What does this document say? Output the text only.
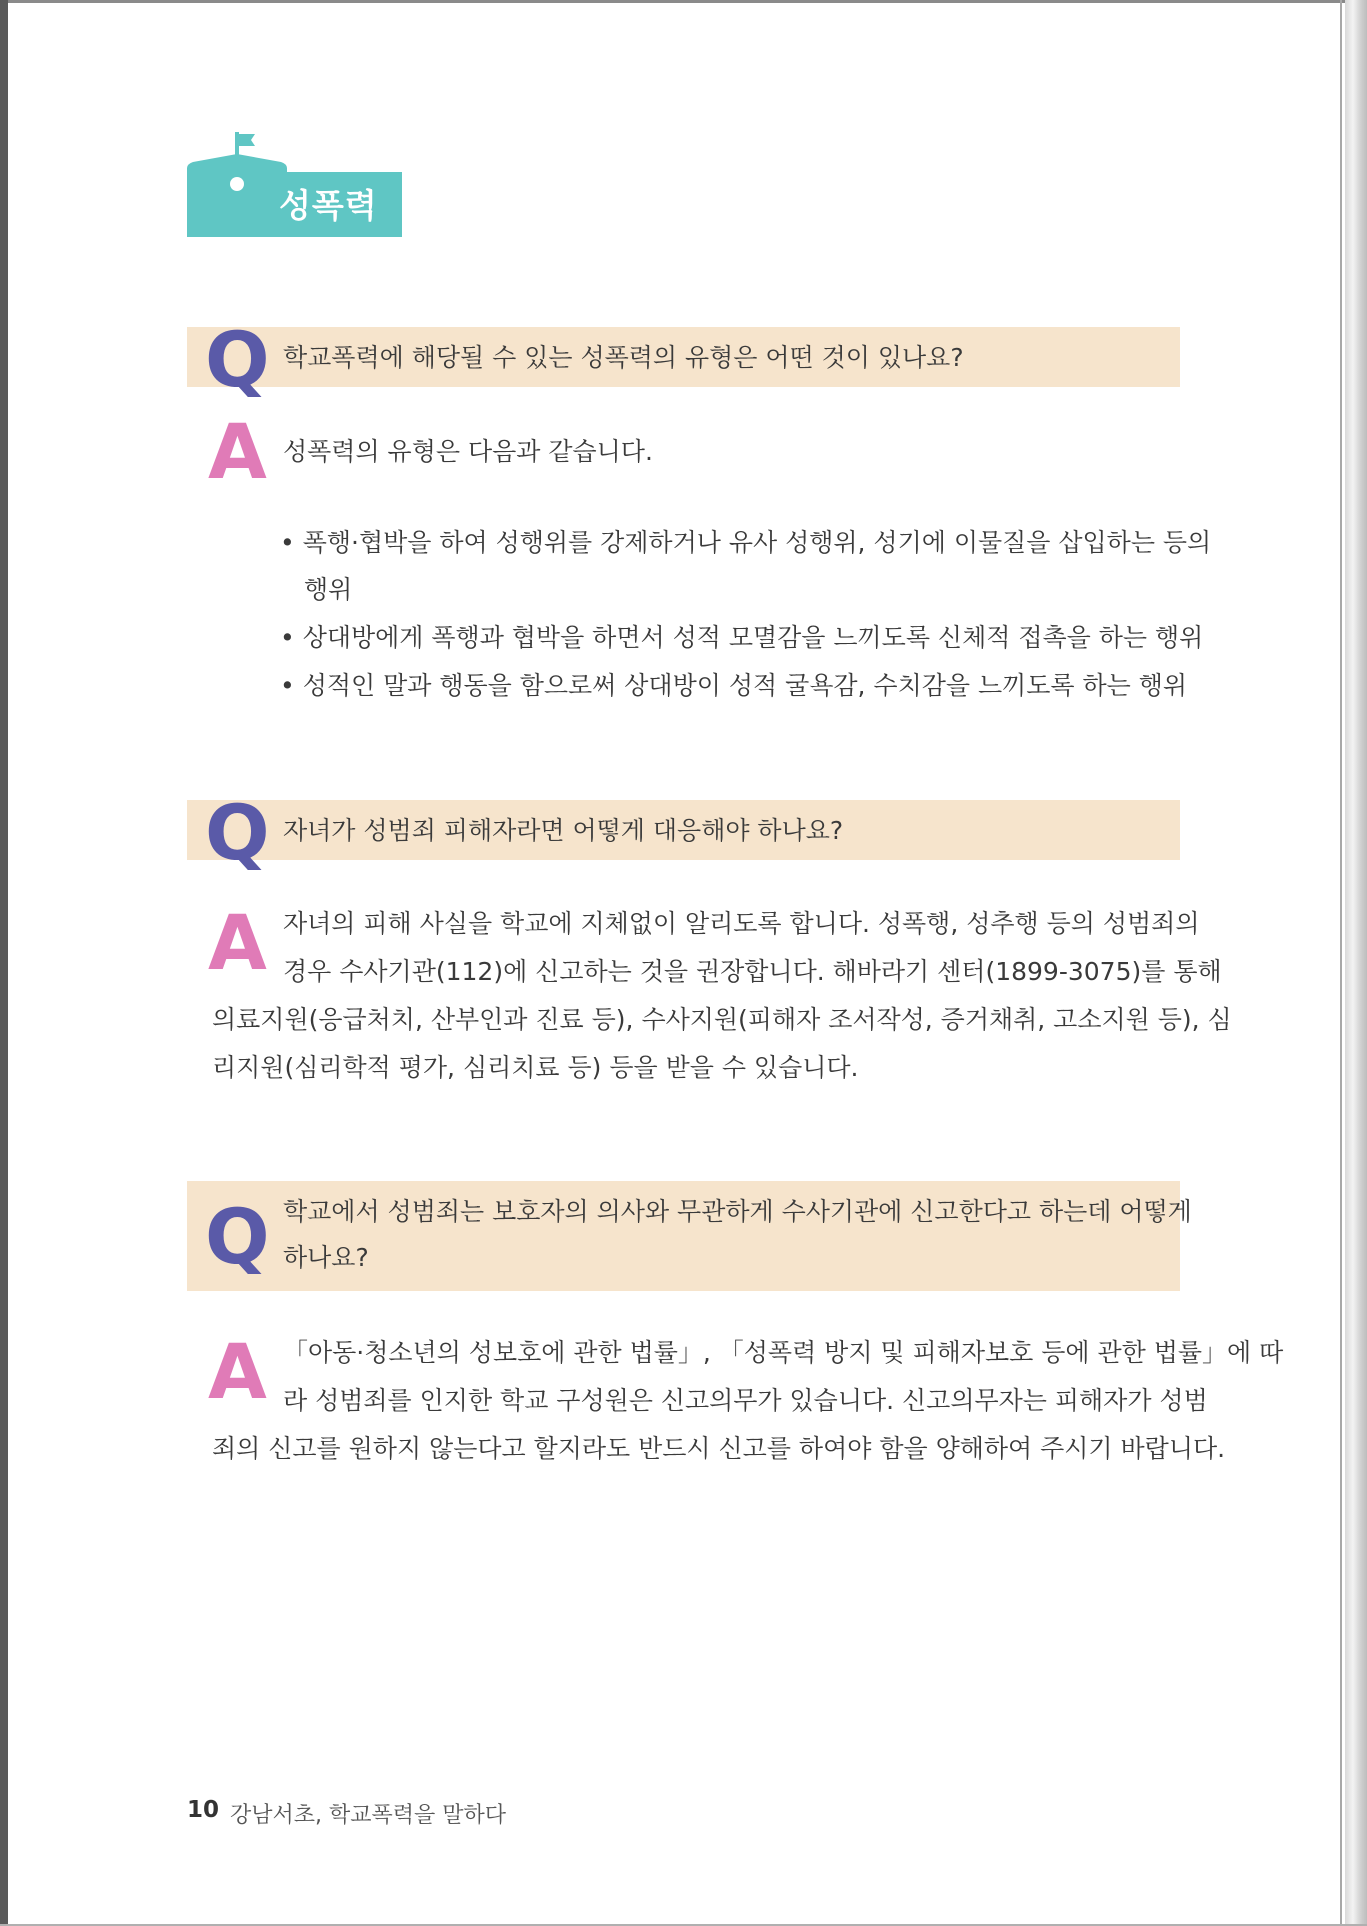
성폭력
Q 학교폭력에 해당될 수 있는 성폭력의 유형은 어떤 것이 있나요?
A 성폭력의 유형은 다음과 같습니다.
• 폭행·협박을 하여 성행위를 강제하거나 유사 성행위, 성기에 이물질을 삽입하는 등의
행위
• 상대방에게 폭행과 협박을 하면서 성적 모멸감을 느끼도록 신체적 접촉을 하는 행위
• 성적인 말과 행동을 함으로써 상대방이 성적 굴욕감, 수치감을 느끼도록 하는 행위
Q 자녀가 성범죄 피해자라면 어떻게 대응해야 하나요?
A 자녀의 피해 사실을 학교에 지체없이 알리도록 합니다. 성폭행, 성추행 등의 성범죄의
경우 수사기관(112)에 신고하는 것을 권장합니다. 해바라기 센터(1899-3075)를 통해
의료지원(응급처치, 산부인과 진료 등), 수사지원(피해자 조서작성, 증거채취, 고소지원 등), 심
리지원(심리학적 평가, 심리치료 등) 등을 받을 수 있습니다.
Q 학교에서 성범죄는 보호자의 의사와 무관하게 수사기관에 신고한다고 하는데 어떻게
하나요?
A 「아동·청소년의 성보호에 관한 법률」, 「성폭력 방지 및 피해자보호 등에 관한 법률」에 따
라 성범죄를 인지한 학교 구성원은 신고의무가 있습니다. 신고의무자는 피해자가 성범
죄의 신고를 원하지 않는다고 할지라도 반드시 신고를 하여야 함을 양해하여 주시기 바랍니다.
10 강남서초, 학교폭력을 말하다
